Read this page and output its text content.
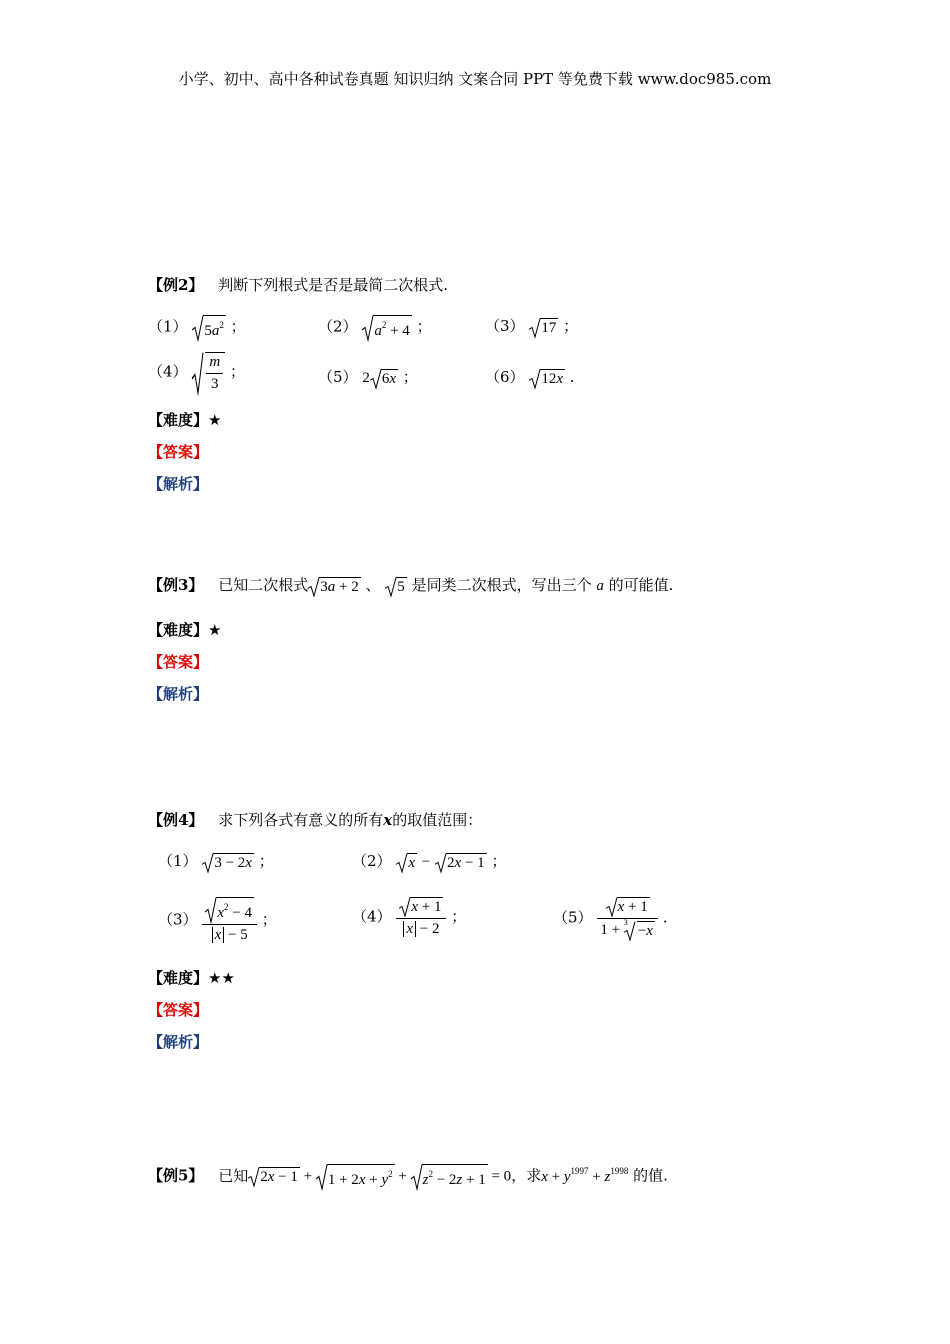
小学、初中、高中各种试卷真题 知识归纳 文案合同 PPT 等免费下载 www.doc985.com
【例2】 判断下列根式是否是最简二次根式.
（1） $5a^2$ ；	（2） $a^2 + 4$ ；	（3） 17 ；
$(4) \frac{m}{3}$ ；	（5） 2 6x ；	（6） 12x .
【难度】★
【答案】
【解析】
【例3】 已知二次根式 3a + 2 、 5 是同类二次根式，写出三个 a 的可能值.
【难度】★
【答案】
【解析】
【例4】 求下列各式有意义的所有x的取值范围：
（1） 3 − 2x ；	（2） x − 2x − 1 ；
$(3) \frac{x^2 - 4}{x - 5}$ ；	$(4) \frac{x + 1}{x - 2}$ ；	（5） x + 1
1 + 3
−x .
【难度】★★
【答案】
【解析】
【例5】 已知 2x − 1 +
$1 + 2x + y^2$ +
$z^2 - 2z + 1 = 0$，求$x + y^{1997} + z^{1998}$ 的值.
